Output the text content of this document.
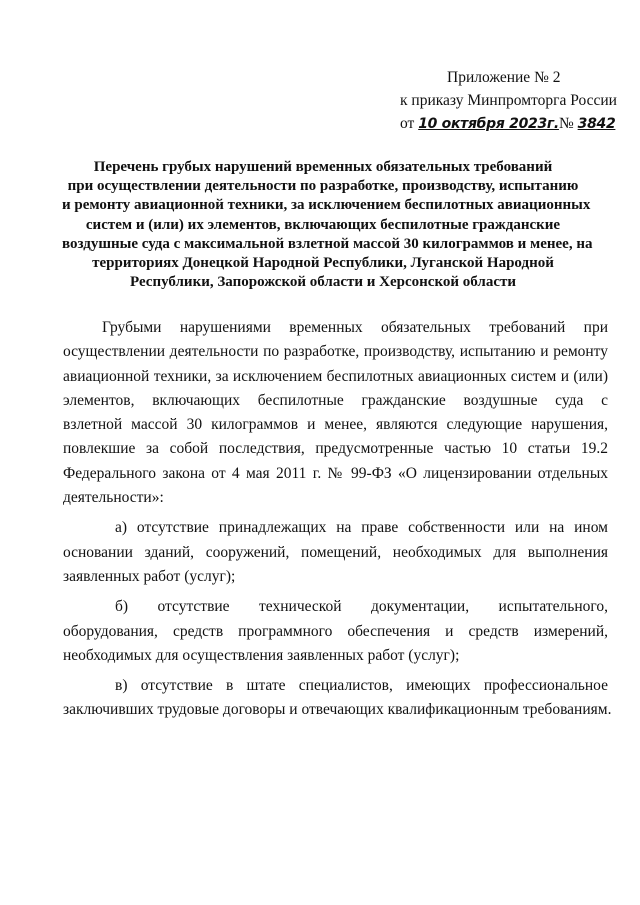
Приложение № 2
к приказу Минпромторга России
от 10 октября 2023г.№ 3842
Перечень грубых нарушений временных обязательных требований
при осуществлении деятельности по разработке, производству, испытанию
и ремонту авиационной техники, за исключением беспилотных авиационных
систем и (или) их элементов, включающих беспилотные гражданские
воздушные суда с максимальной взлетной массой 30 килограммов и менее, на
территориях Донецкой Народной Республики, Луганской Народной
Республики, Запорожской области и Херсонской области
Грубыми нарушениями временных обязательных требований при
осуществлении деятельности по разработке, производству, испытанию и ремонту
авиационной техники, за исключением беспилотных авиационных систем и (или)
элементов, включающих беспилотные гражданские воздушные суда с
взлетной массой 30 килограммов и менее, являются следующие нарушения,
повлекшие за собой последствия, предусмотренные частью 10 статьи 19.2
Федерального закона от 4 мая 2011 г. № 99-ФЗ «О лицензировании отдельных
деятельности»:
а) отсутствие принадлежащих на праве собственности или на ином
основании зданий, сооружений, помещений, необходимых для выполнения
заявленных работ (услуг);
б) отсутствие технической документации, испытательного,
оборудования, средств программного обеспечения и средств измерений,
необходимых для осуществления заявленных работ (услуг);
в) отсутствие в штате специалистов, имеющих профессиональное
заключивших трудовые договоры и отвечающих квалификационным требованиям.
